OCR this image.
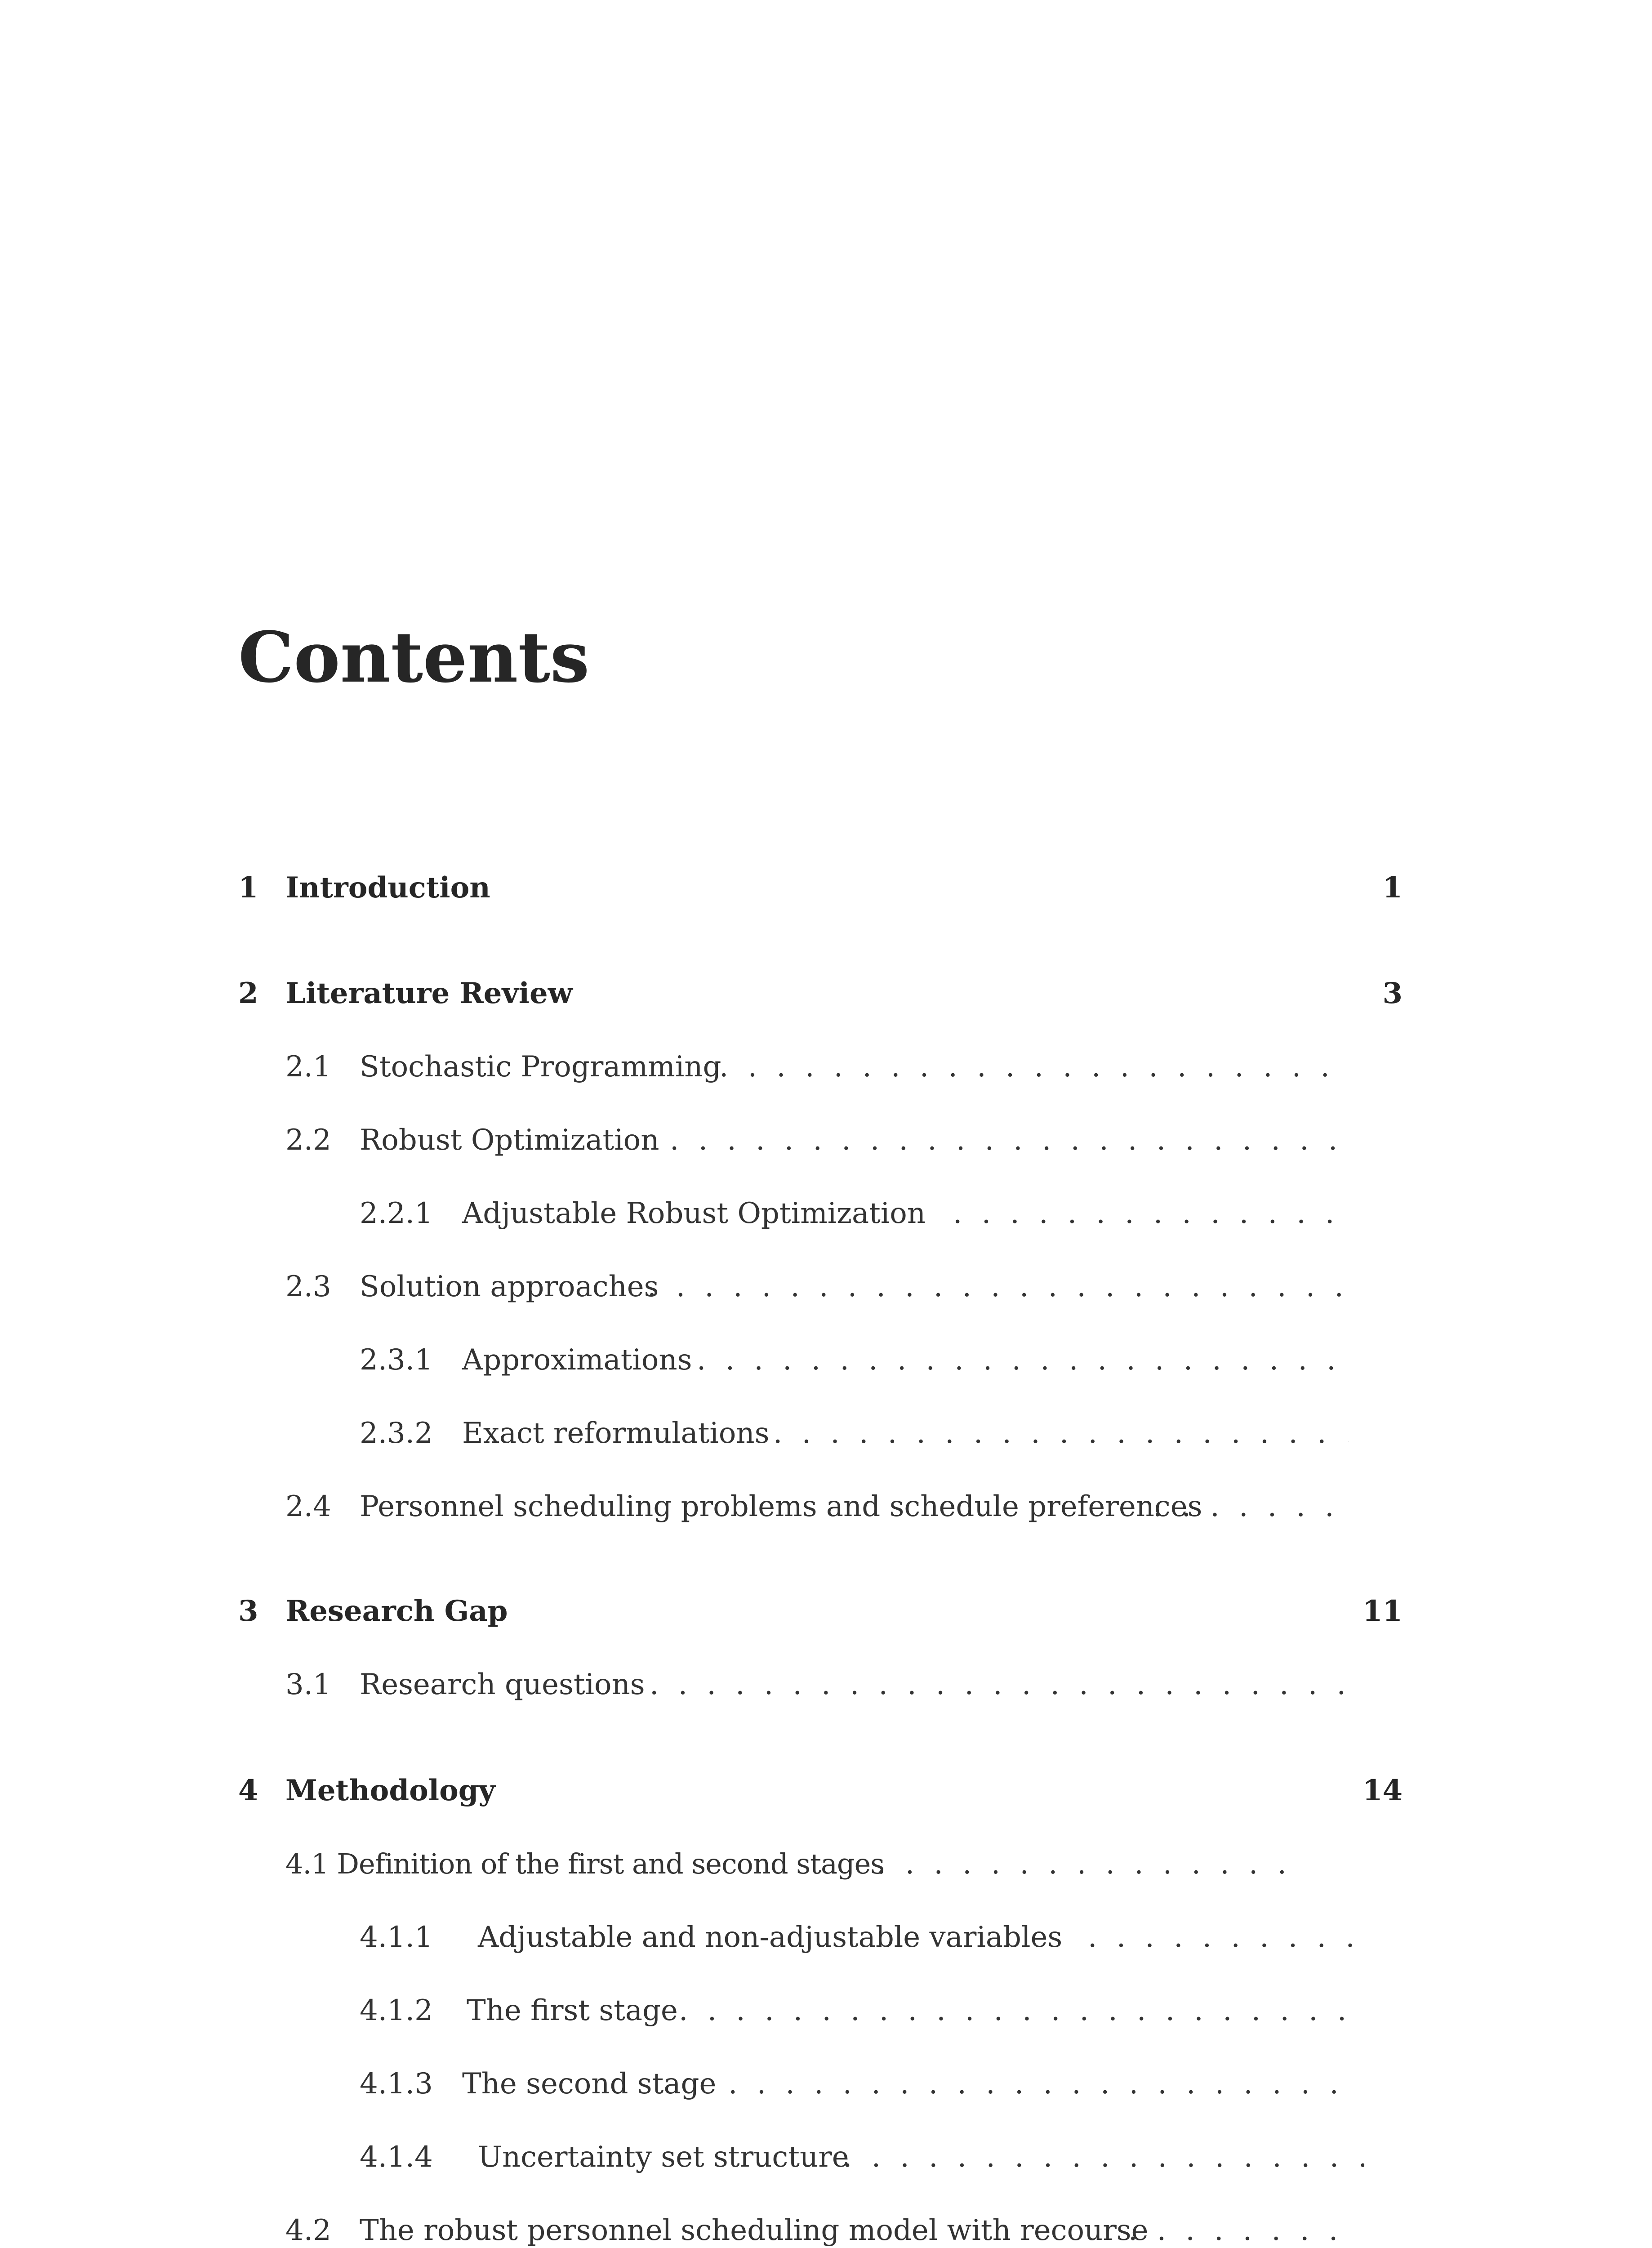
Contents
1 Introduction	1
2 Literature Review	3
2.1 Stochastic Programming
. . .
2.2 Robust Optimization
. . .
2.2.1 Adjustable Robust Optimization
. . .
2.3 Solution approaches
. . .
2.3.1 Approximations
. . .
2.3.2 Exact reformulations
. . .
2.4 Personnel scheduling problems and schedule preferences
. . .
3 Research Gap	11
3.1 Research questions
. . .
4 Methodology	14
4.1 Definition of the first and second stages
. . .
4.1.1 Adjustable and non-adjustable variables
. . .
4.1.2 The first stage
. . .
4.1.3 The second stage
. . .
4.1.4 Uncertainty set structure
. . .
4.2 The robust personnel scheduling model with recourse
. . .
